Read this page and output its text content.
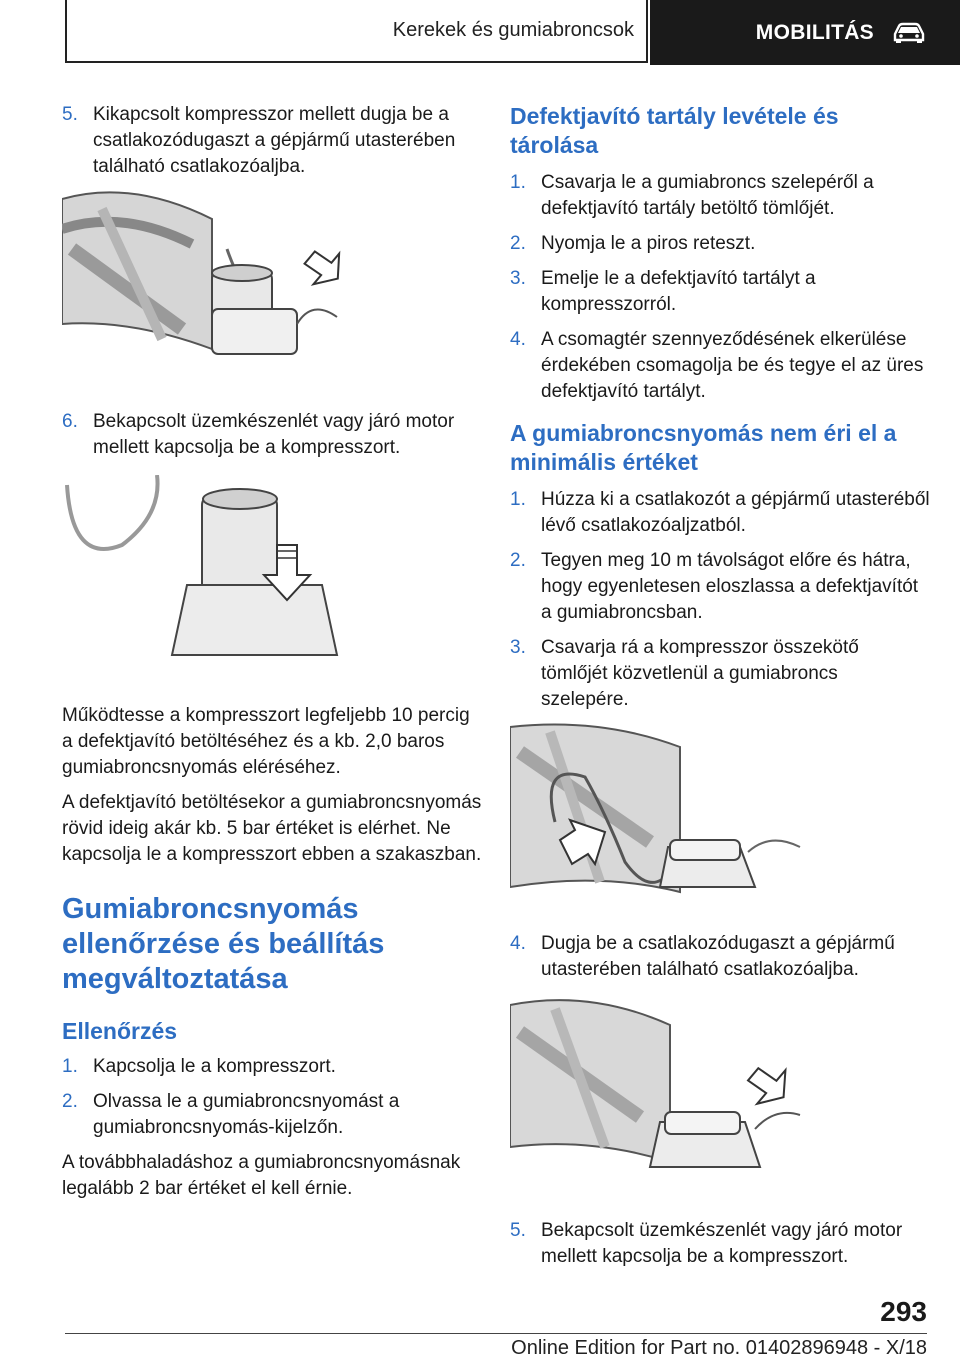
Kerekek és gumiabroncsok	MOBILITÁS
5. Kikapcsolt kompresszor mellett dugja be a csatlakozódugaszt a gépjármű utasterében található csatlakozóaljba.
6. Bekapcsolt üzemkészenlét vagy járó motor mellett kapcsolja be a kompresszort.

Működtesse a kompresszort legfeljebb 10 percig a defektjavító betöltéséhez és a kb. 2,0 baros gumiabroncsnyomás eléréséhez.

A defektjavító betöltésekor a gumiabroncsnyomás rövid ideig akár kb. 5 bar értéket is elérhet. Ne kapcsolja le a kompresszort ebben a szakaszban.

Gumiabroncsnyomás ellenőrzése és beállítás megváltoztatása
Ellenőrzés
1. Kapcsolja le a kompresszort.
2. Olvassa le a gumiabroncsnyomást a gumiabroncsnyomás-kijelzőn.

A továbbhaladáshoz a gumiabroncsnyomásnak legalább 2 bar értéket el kell érnie.

Defektjavító tartály levétele és tárolása
1. Csavarja le a gumiabroncs szelepéről a defektjavító tartály betöltő tömlőjét.
2. Nyomja le a piros reteszt.
3. Emelje le a defektjavító tartályt a kompresszorról.
4. A csomagtér szennyeződésének elkerülése érdekében csomagolja be és tegye el az üres defektjavító tartályt.
A gumiabroncsnyomás nem éri el a minimális értéket
1. Húzza ki a csatlakozót a gépjármű utasteréből lévő csatlakozóaljzatból.
2. Tegyen meg 10 m távolságot előre és hátra, hogy egyenletesen eloszlassa a defektjavítót a gumiabroncsban.
3. Csavarja rá a kompresszor összekötő tömlőjét közvetlenül a gumiabroncs szelepére.
4. Dugja be a csatlakozódugaszt a gépjármű utasterében található csatlakozóaljba.
5. Bekapcsolt üzemkészenlét vagy járó motor mellett kapcsolja be a kompresszort.
293
Online Edition for Part no. 01402896948 - X/18
